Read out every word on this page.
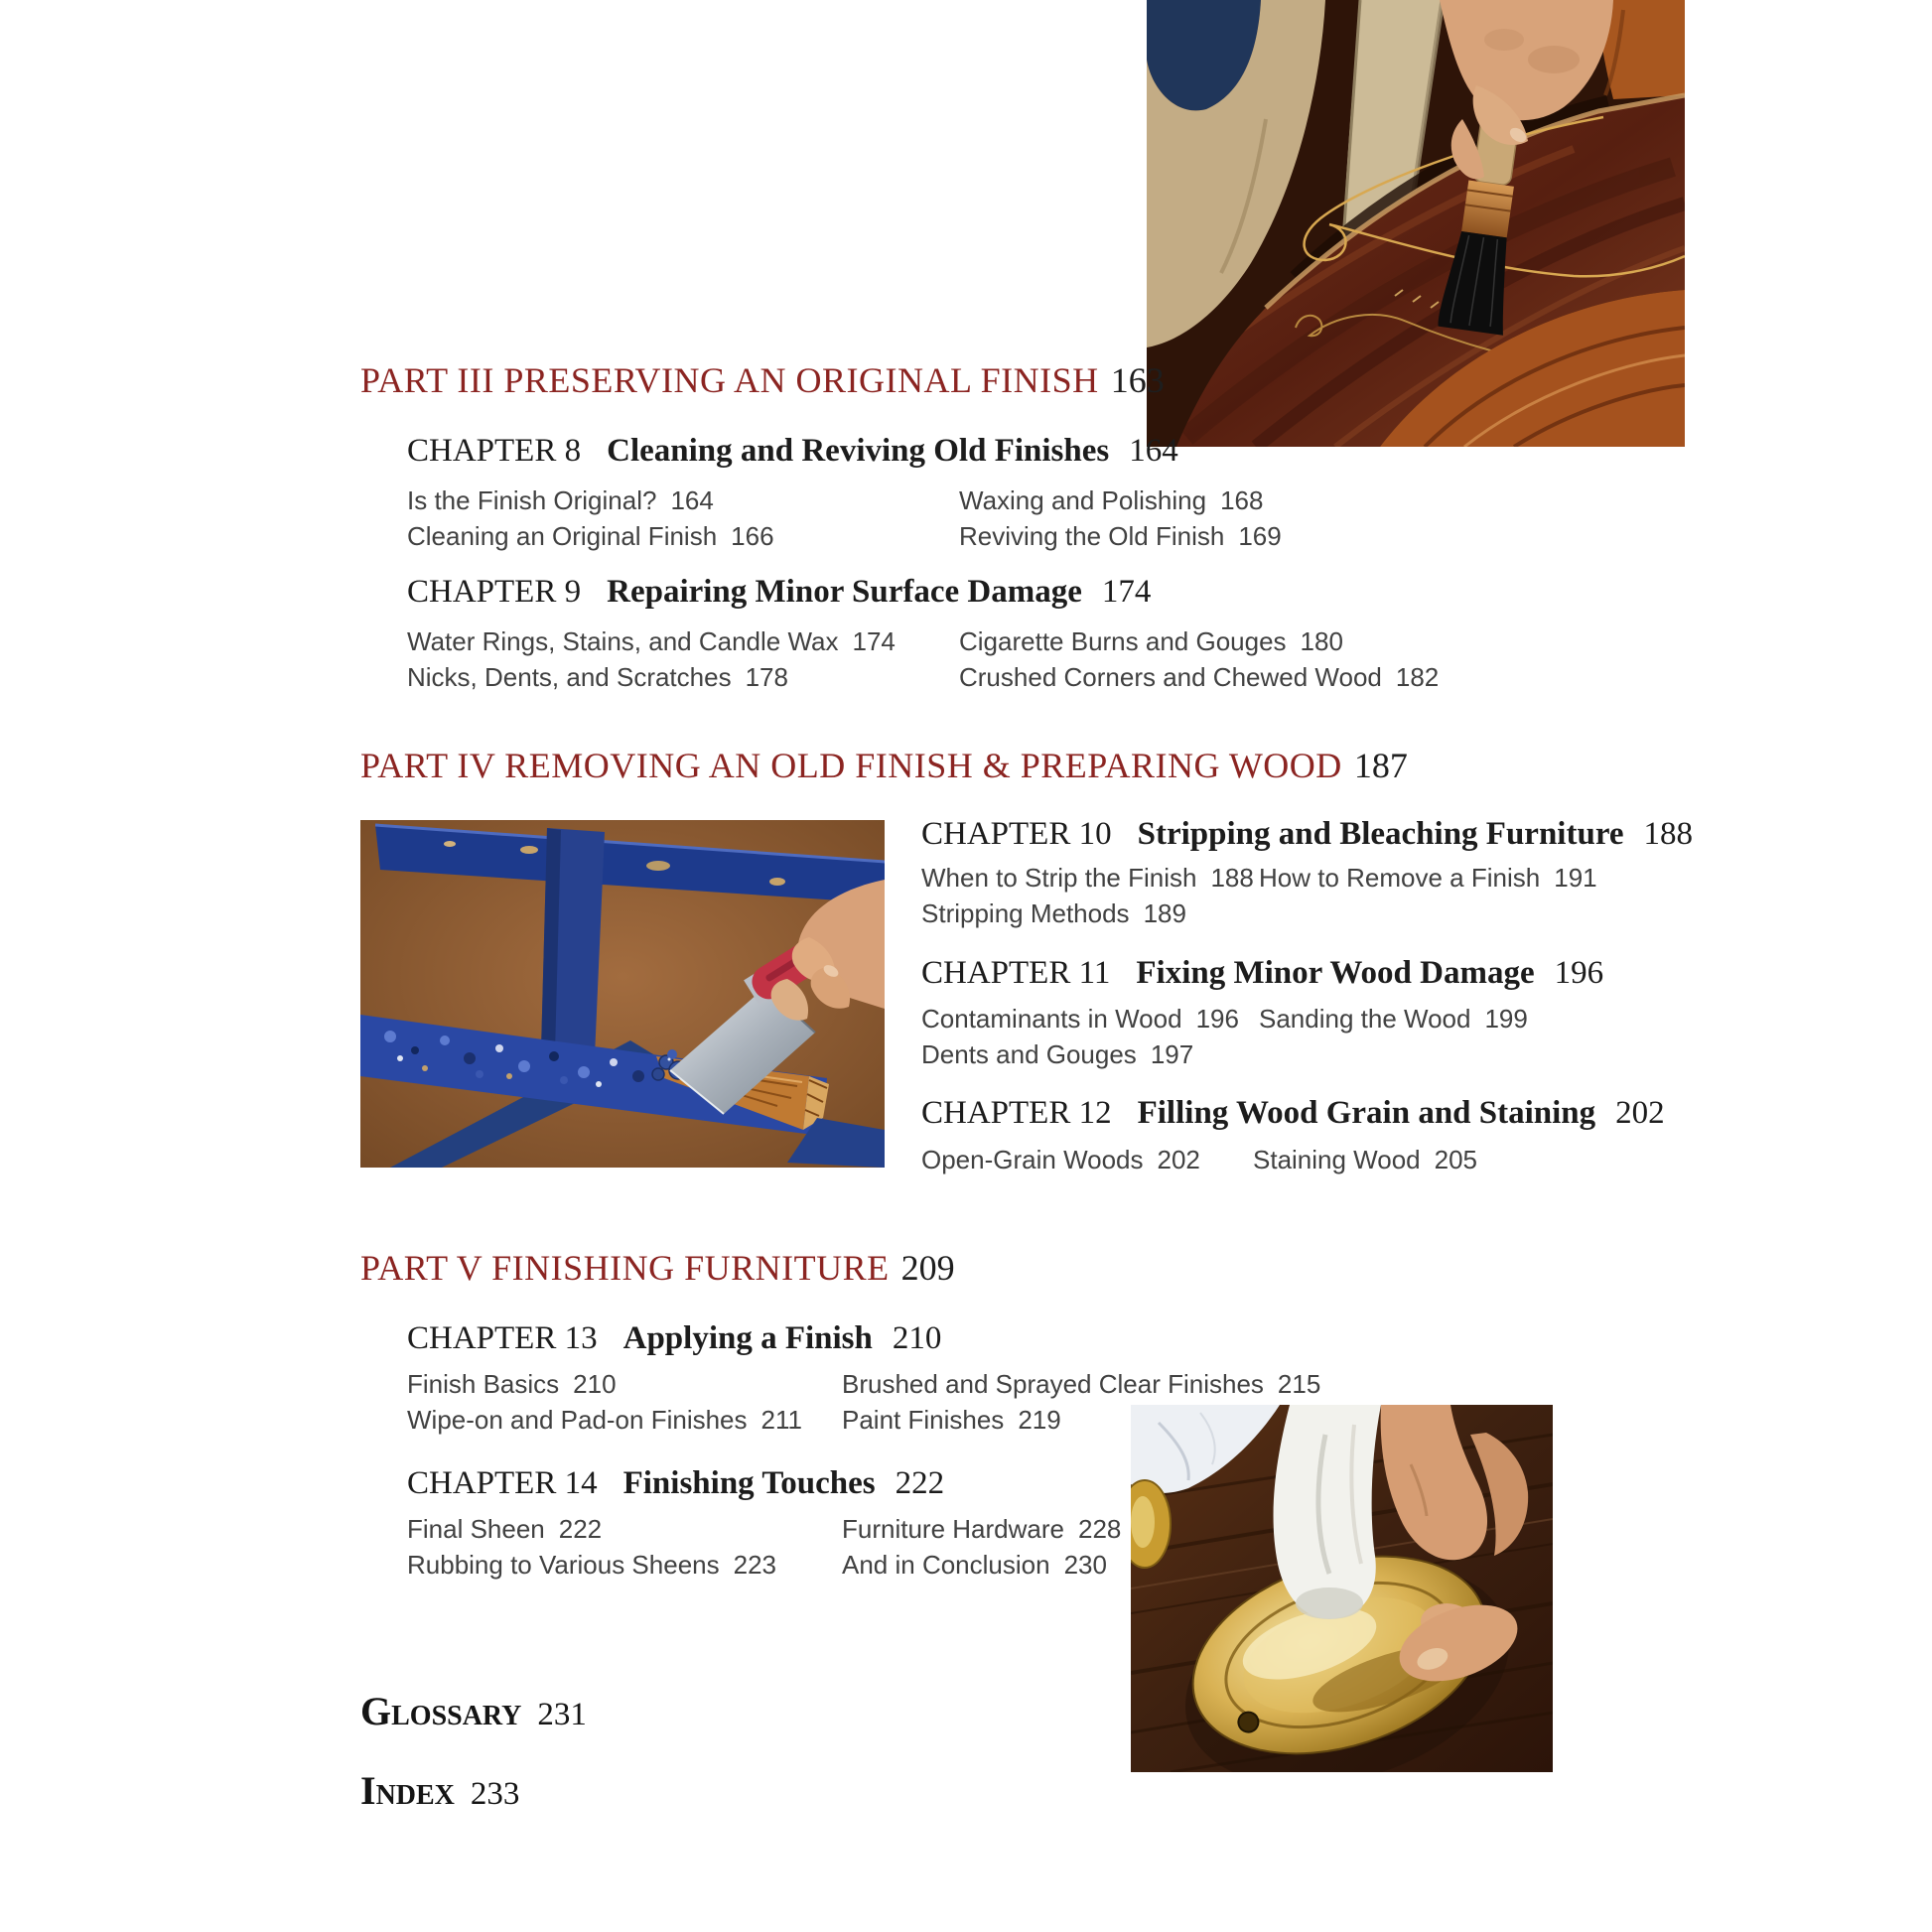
PART III PRESERVING AN ORIGINAL FINISH 163
CHAPTER 8 Cleaning and Reviving Old Finishes 164
Is the Finish Original? 164
Cleaning an Original Finish 166
Waxing and Polishing 168
Reviving the Old Finish 169
CHAPTER 9 Repairing Minor Surface Damage 174
Water Rings, Stains, and Candle Wax 174
Nicks, Dents, and Scratches 178
Cigarette Burns and Gouges 180
Crushed Corners and Chewed Wood 182
PART IV REMOVING AN OLD FINISH & PREPARING WOOD 187
CHAPTER 10 Stripping and Bleaching Furniture 188
When to Strip the Finish 188
Stripping Methods 189
How to Remove a Finish 191
CHAPTER 11 Fixing Minor Wood Damage 196
Contaminants in Wood 196
Dents and Gouges 197
Sanding the Wood 199
CHAPTER 12 Filling Wood Grain and Staining 202
Open-Grain Woods 202 Staining Wood 205
PART V FINISHING FURNITURE 209
CHAPTER 13 Applying a Finish 210
Finish Basics 210
Wipe-on and Pad-on Finishes 211
Brushed and Sprayed Clear Finishes 215
Paint Finishes 219
CHAPTER 14 Finishing Touches 222
Final Sheen 222
Rubbing to Various Sheens 223
Furniture Hardware 228
And in Conclusion 230
Glossary 231
Index 233
